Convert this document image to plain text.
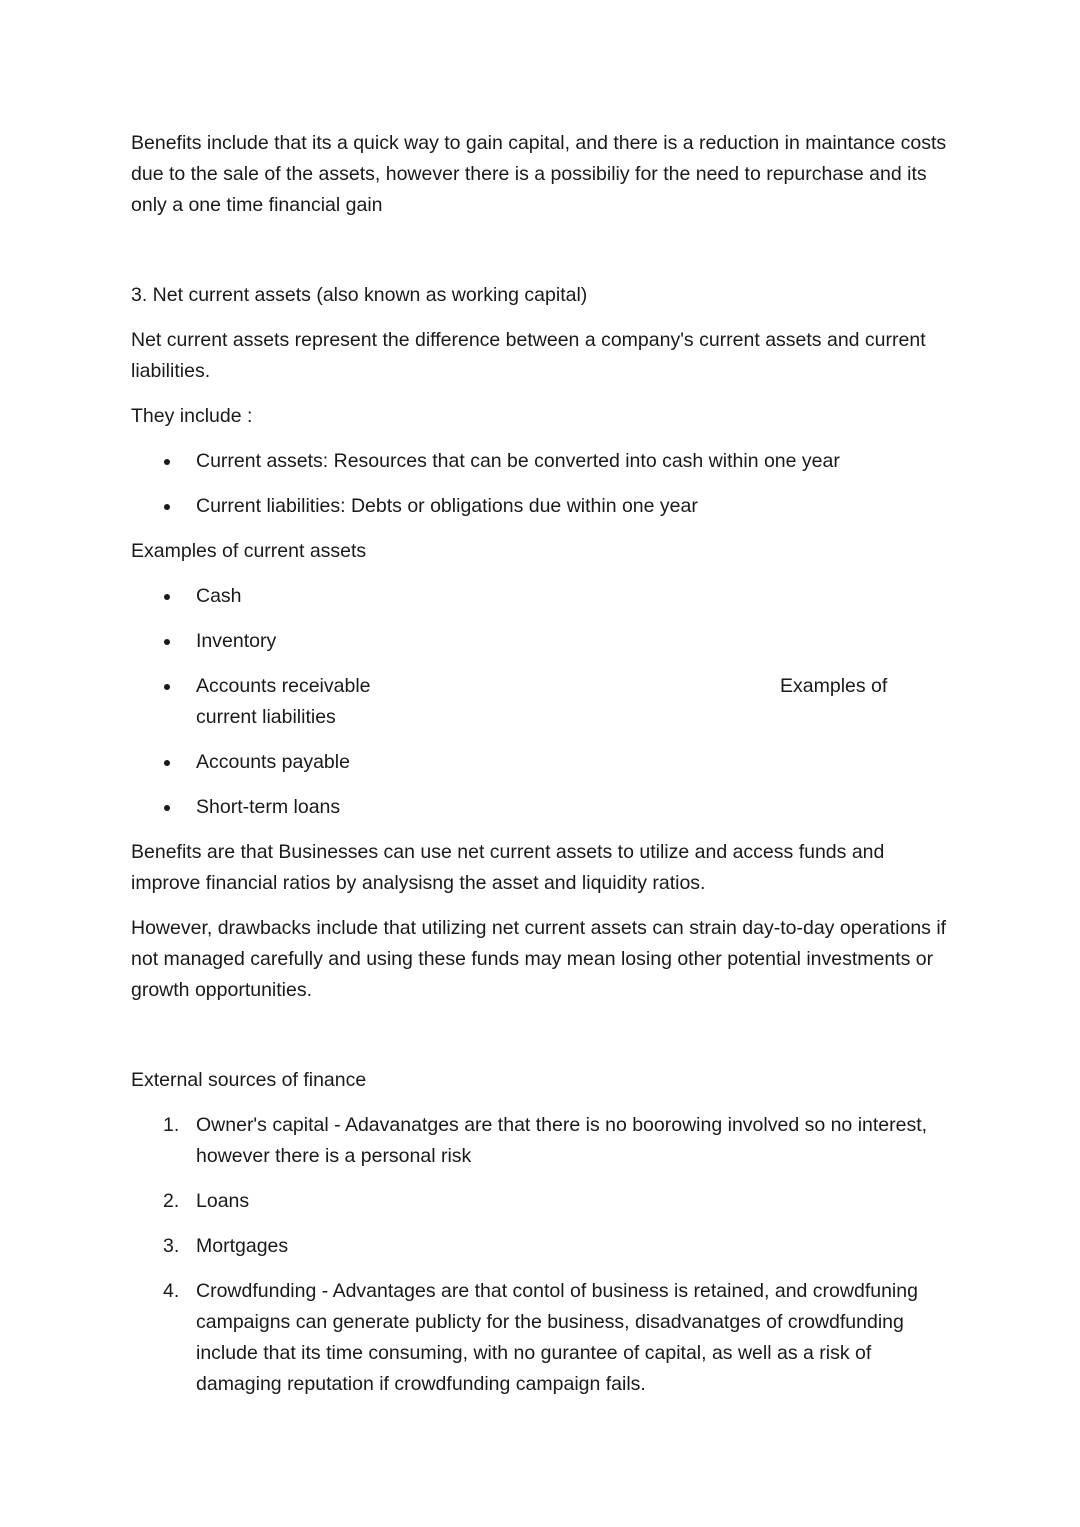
Benefits include that its a quick way to gain capital, and there is a reduction in maintance costs due to the sale of the assets, however there is a possibiliy for the need to repurchase and its only a one time financial gain

3. Net current assets (also known as working capital)

Net current assets represent the difference between a company's current assets and current liabilities.

They include :

Current assets: Resources that can be converted into cash within one year
Current liabilities: Debts or obligations due within one year

Examples of current assets

Cash
Inventory
Accounts receivable	Examples of

current liabilities
Accounts payable
Short-term loans

Benefits are that Businesses can use net current assets to utilize and access funds and improve financial ratios by analysisng the asset and liquidity ratios.

However, drawbacks include that utilizing net current assets can strain day-to-day operations if not managed carefully and using these funds may mean losing other potential investments or growth opportunities.

External sources of finance

1. Owner's capital - Adavanatges are that there is no boorowing involved so no interest, however there is a personal risk
2. Loans
3. Mortgages
4. Crowdfunding - Advantages are that contol of business is retained, and crowdfuning campaigns can generate publicty for the business, disadvanatges of crowdfunding include that its time consuming, with no gurantee of capital, as well as a risk of damaging reputation if crowdfunding campaign fails.
